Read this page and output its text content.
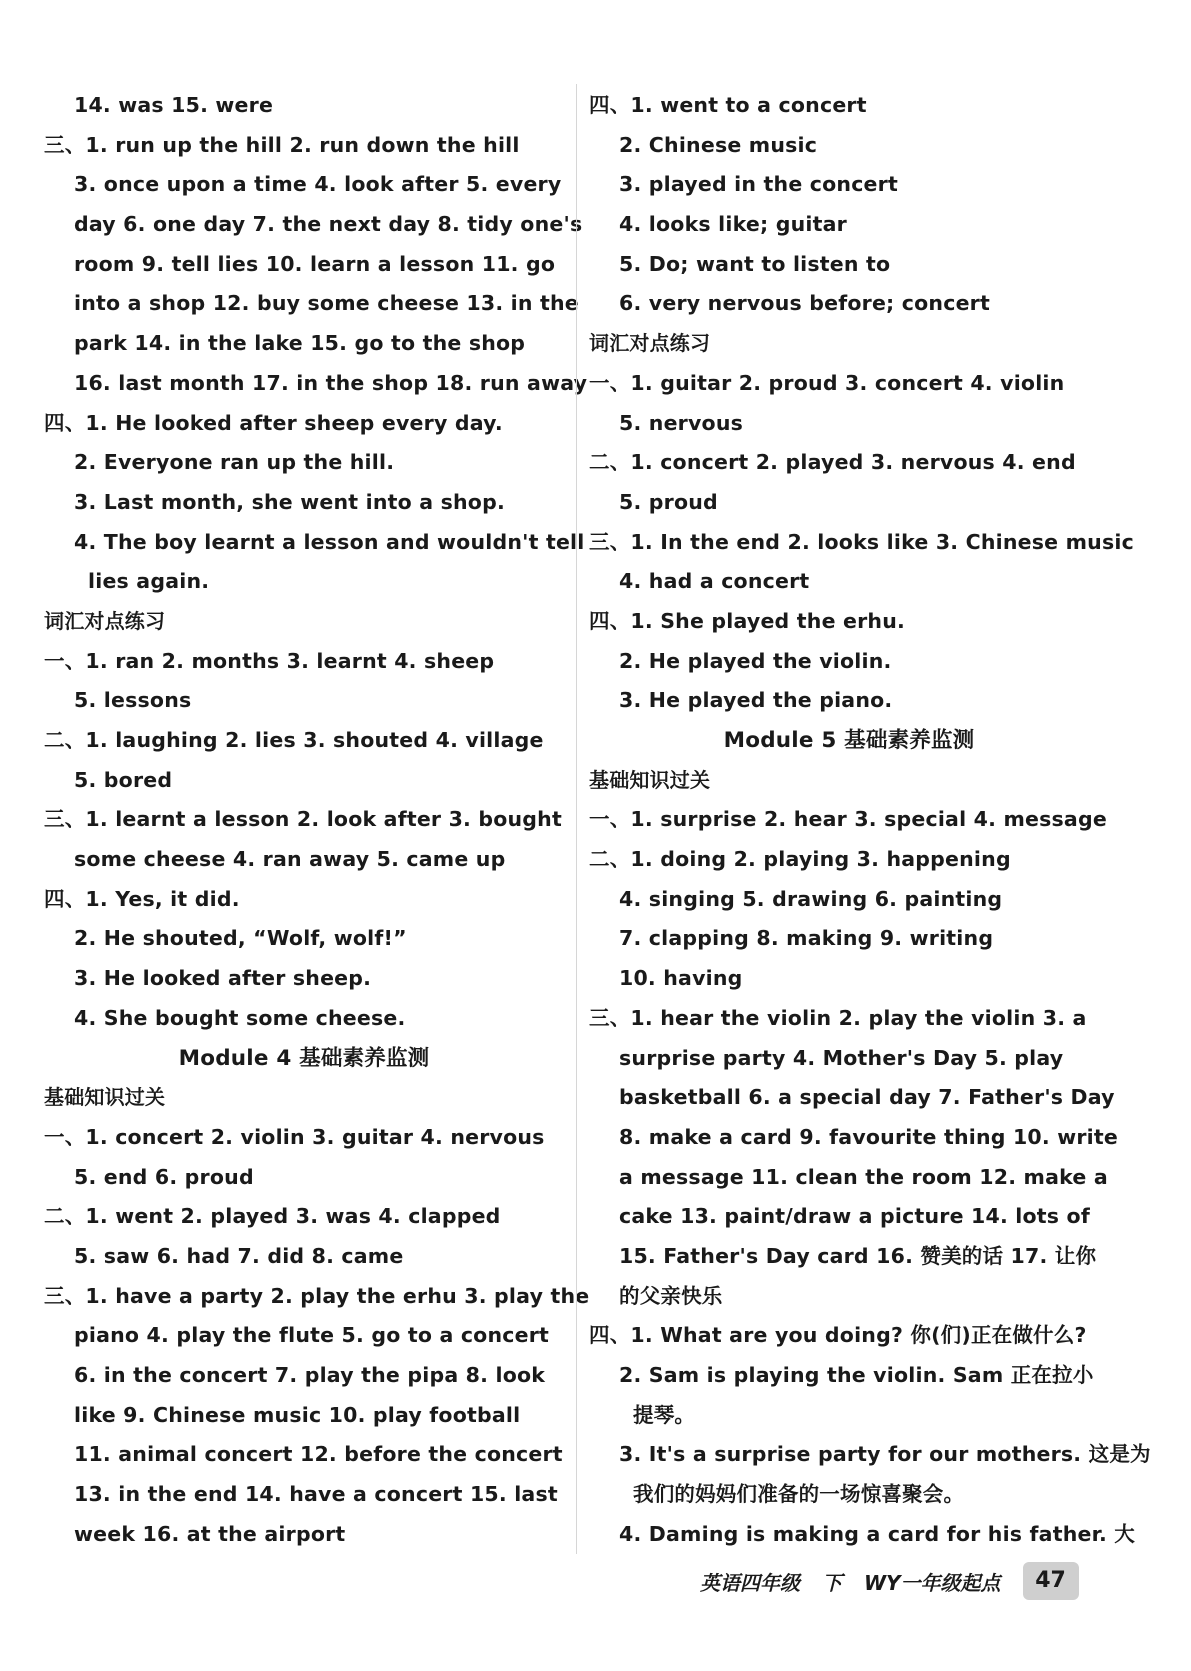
14. was 15. were
三、1. run up the hill 2. run down the hill
3. once upon a time 4. look after 5. every
day 6. one day 7. the next day 8. tidy one's
room 9. tell lies 10. learn a lesson 11. go
into a shop 12. buy some cheese 13. in the
park 14. in the lake 15. go to the shop
16. last month 17. in the shop 18. run away
四、1. He looked after sheep every day.
2. Everyone ran up the hill.
3. Last month, she went into a shop.
4. The boy learnt a lesson and wouldn't tell
lies again.
词汇对点练习
一、1. ran 2. months 3. learnt 4. sheep
5. lessons
二、1. laughing 2. lies 3. shouted 4. village
5. bored
三、1. learnt a lesson 2. look after 3. bought
some cheese 4. ran away 5. came up
四、1. Yes, it did.
2. He shouted, “Wolf, wolf!”
3. He looked after sheep.
4. She bought some cheese.
Module 4 基础素养监测
基础知识过关
一、1. concert 2. violin 3. guitar 4. nervous
5. end 6. proud
二、1. went 2. played 3. was 4. clapped
5. saw 6. had 7. did 8. came
三、1. have a party 2. play the erhu 3. play the
piano 4. play the flute 5. go to a concert
6. in the concert 7. play the pipa 8. look
like 9. Chinese music 10. play football
11. animal concert 12. before the concert
13. in the end 14. have a concert 15. last
week 16. at the airport
四、1. went to a concert
2. Chinese music
3. played in the concert
4. looks like; guitar
5. Do; want to listen to
6. very nervous before; concert
词汇对点练习
一、1. guitar 2. proud 3. concert 4. violin
5. nervous
二、1. concert 2. played 3. nervous 4. end
5. proud
三、1. In the end 2. looks like 3. Chinese music
4. had a concert
四、1. She played the erhu.
2. He played the violin.
3. He played the piano.
Module 5 基础素养监测
基础知识过关
一、1. surprise 2. hear 3. special 4. message
二、1. doing 2. playing 3. happening
4. singing 5. drawing 6. painting
7. clapping 8. making 9. writing
10. having
三、1. hear the violin 2. play the violin 3. a
surprise party 4. Mother's Day 5. play
basketball 6. a special day 7. Father's Day
8. make a card 9. favourite thing 10. write
a message 11. clean the room 12. make a
cake 13. paint/draw a picture 14. lots of
15. Father's Day card 16. 赞美的话 17. 让你
的父亲快乐
四、1. What are you doing? 你(们)正在做什么?
2. Sam is playing the violin. Sam 正在拉小
提琴。
3. It's a surprise party for our mothers. 这是为
我们的妈妈们准备的一场惊喜聚会。
4. Daming is making a card for his father. 大
英语四年级 下 WY一年级起点	47
